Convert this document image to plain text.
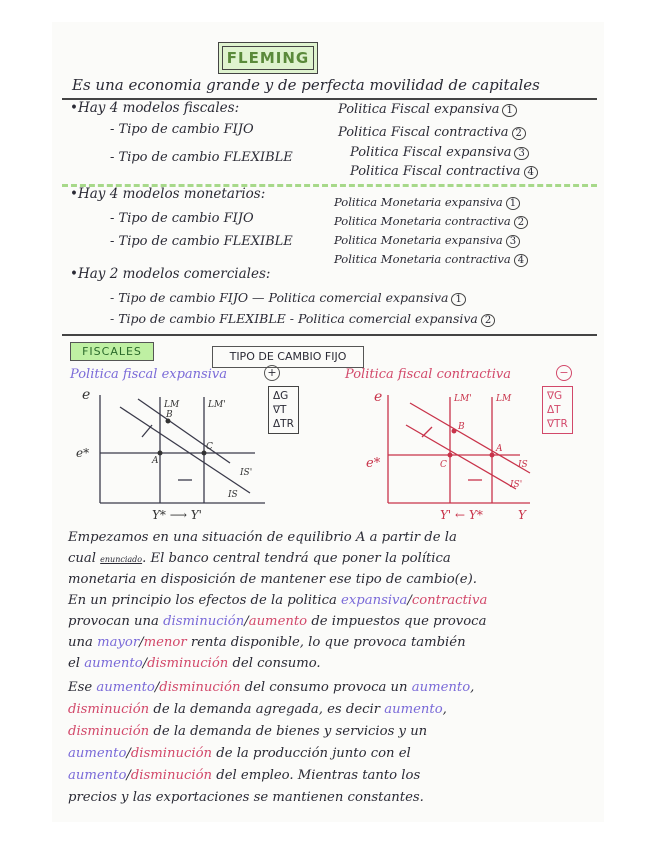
FLEMING
Es una economia grande y de perfecta movilidad de capitales
•Hay 4 modelos fiscales:
- Tipo de cambio FIJO
- Tipo de cambio FLEXIBLE
Politica Fiscal expansiva 1
Politica Fiscal contractiva 2
Politica Fiscal expansiva 3
Politica Fiscal contractiva 4
•Hay 4 modelos monetarios:
- Tipo de cambio FIJO
- Tipo de cambio FLEXIBLE
Politica Monetaria expansiva 1
Politica Monetaria contractiva 2
Politica Monetaria expansiva 3
Politica Monetaria contractiva 4
•Hay 2 modelos comerciales:
- Tipo de cambio FIJO — Politica comercial expansiva 1
- Tipo de cambio FLEXIBLE - Politica comercial expansiva 2
FISCALES	TIPO DE CAMBIO FIJO
Politica fiscal expansiva	+
ΔG
∇T
ΔTR
Politica fiscal contractiva	−
∇G
ΔT
∇TR
e
e*
LM	LM'
IS
IS'
A
B
C
Y* ⟶ Y'
e
e*
LM'	LM
IS
IS'
A
B
C
Y' ← Y*	Y
Empezamos en una situación de equilibrio A a partir de la
cual enunciado. El banco central tendrá que poner la política
monetaria en disposición de mantener ese tipo de cambio(e).
En un principio los efectos de la politica expansiva/contractiva
provocan una disminución/aumento de impuestos que provoca
una mayor/menor renta disponible, lo que provoca también
el aumento/disminución del consumo.
Ese aumento/disminución del consumo provoca un aumento,
disminución de la demanda agregada, es decir aumento,
disminución de la demanda de bienes y servicios y un
aumento/disminución de la producción junto con el
aumento/disminución del empleo. Mientras tanto los
precios y las exportaciones se mantienen constantes.
